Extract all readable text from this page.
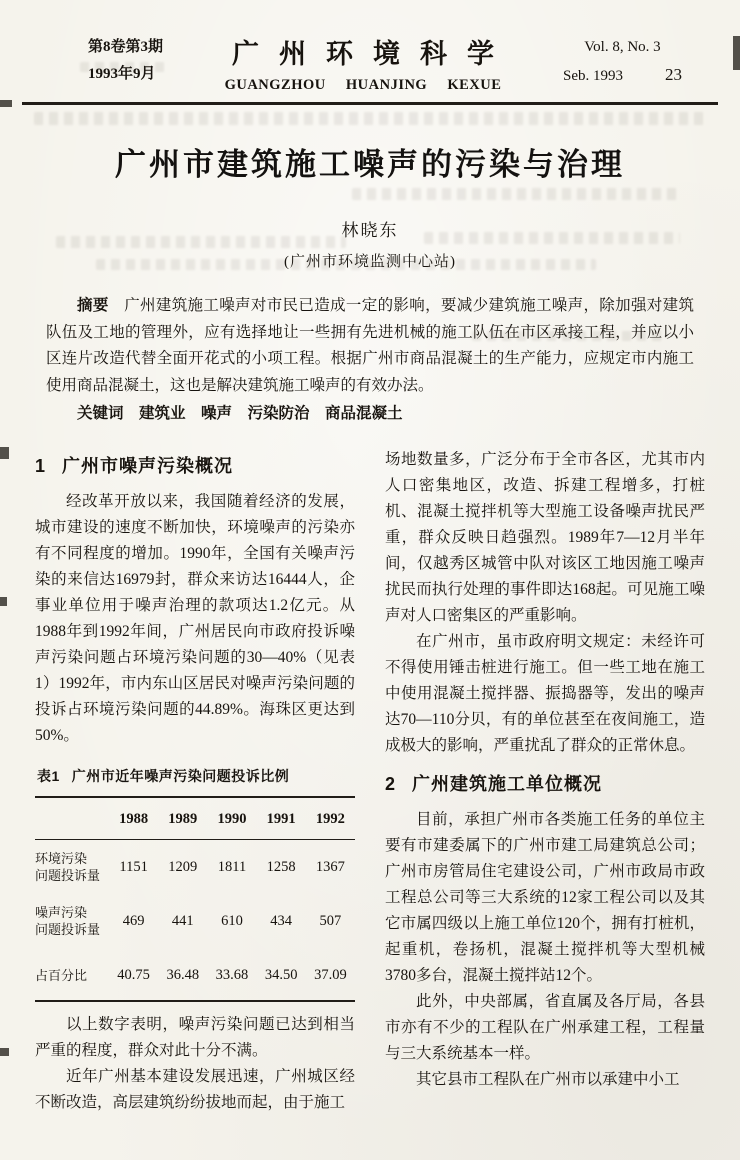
第8卷第3期
1993年9月
广州环境科学
GUANGZHOU HUANJING KEXUE
Vol. 8, No. 3
Seb. 1993 23
广州市建筑施工噪声的污染与治理
林晓东
(广州市环境监测中心站)

摘要 广州建筑施工噪声对市民已造成一定的影响，要减少建筑施工噪声，除加强对建筑队伍及工地的管理外，应有选择地让一些拥有先进机械的施工队伍在市区承接工程，并应以小区连片改造代替全面开花式的小项工程。根据广州市商品混凝土的生产能力，应规定市内施工使用商品混凝土，这也是解决建筑施工噪声的有效办法。

关键词 建筑业　噪声　污染防治　商品混凝土

1 广州市噪声污染概况

经改革开放以来，我国随着经济的发展，城市建设的速度不断加快，环境噪声的污染亦有不同程度的增加。1990年，全国有关噪声污染的来信达16979封，群众来访达16444人，企事业单位用于噪声治理的款项达1.2亿元。从1988年到1992年间，广州居民向市政府投诉噪声污染问题占环境污染问题的30—40%（见表1）1992年，市内东山区居民对噪声污染问题的投诉占环境污染问题的44.89%。海珠区更达到50%。

表1 广州市近年噪声污染问题投诉比例
	1988	1989	1990	1991	1992
环境污染
问题投诉量	1151	1209	1811	1258	1367
噪声污染
问题投诉量	469	441	610	434	507
占百分比	40.75	36.48	33.68	34.50	37.09

以上数字表明，噪声污染问题已达到相当严重的程度，群众对此十分不满。

近年广州基本建设发展迅速，广州城区经不断改造，高层建筑纷纷拔地而起，由于施工

场地数量多，广泛分布于全市各区，尤其市内人口密集地区，改造、拆建工程增多，打桩机、混凝土搅拌机等大型施工设备噪声扰民严重，群众反映日趋强烈。1989年7—12月半年间，仅越秀区城管中队对该区工地因施工噪声扰民而执行处理的事件即达168起。可见施工噪声对人口密集区的严重影响。

在广州市，虽市政府明文规定：未经许可不得使用锤击桩进行施工。但一些工地在施工中使用混凝土搅拌器、振捣器等，发出的噪声达70—110分贝，有的单位甚至在夜间施工，造成极大的影响，严重扰乱了群众的正常休息。

2 广州建筑施工单位概况

目前，承担广州市各类施工任务的单位主要有市建委属下的广州市建工局建筑总公司；广州市房管局住宅建设公司，广州市政局市政工程总公司等三大系统的12家工程公司以及其它市属四级以上施工单位120个，拥有打桩机，起重机，卷扬机，混凝土搅拌机等大型机械3780多台，混凝土搅拌站12个。

此外，中央部属，省直属及各厅局，各县市亦有不少的工程队在广州承建工程，工程量与三大系统基本一样。

其它县市工程队在广州市以承建中小工
